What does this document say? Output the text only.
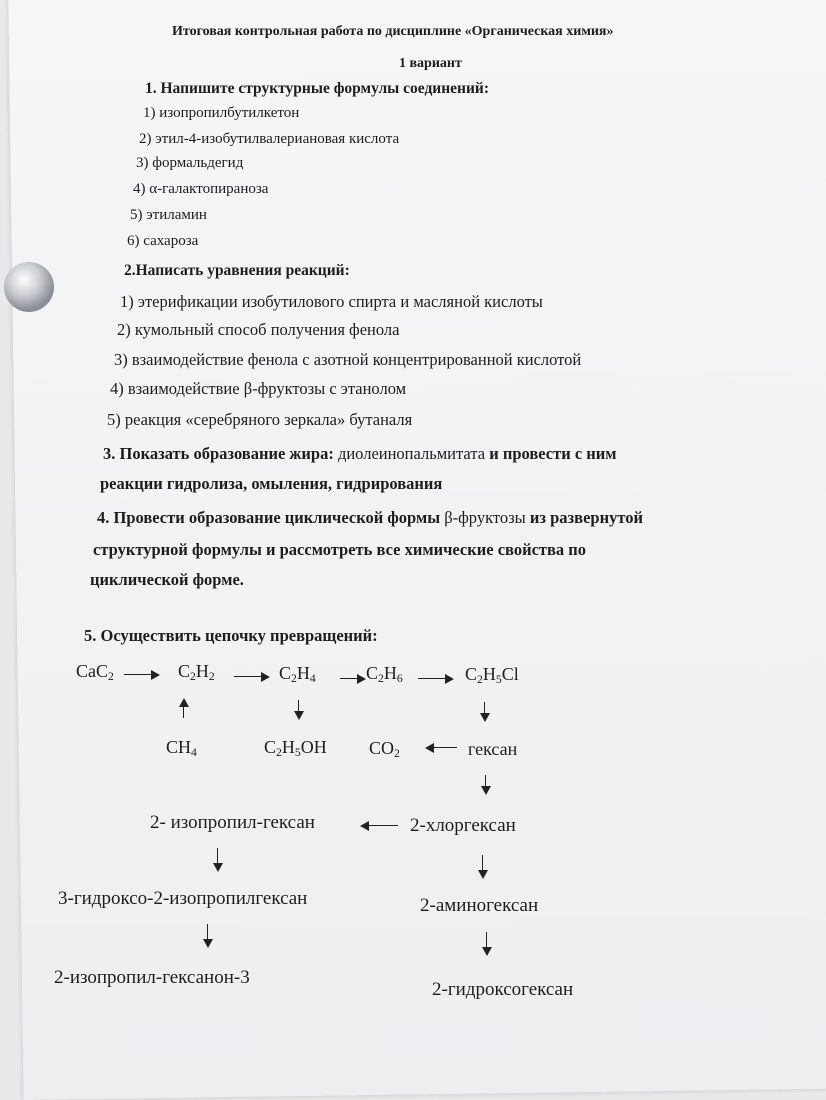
Итоговая контрольная работа по дисциплине «Органическая химия»
1 вариант
1. Напишите структурные формулы соединений:
1) изопропилбутилкетон
2) этил-4-изобутилвалериановая кислота
3) формальдегид
4) α-галактопираноза
5) этиламин
6) сахароза
2.Написать уравнения реакций:
1) этерификации изобутилового спирта и масляной кислоты
2) кумольный способ получения фенола
3) взаимодействие фенола с азотной концентрированной кислотой
4) взаимодействие β-фруктозы с этанолом
5) реакция «серебряного зеркала» бутаналя
3. Показать образование жира: диолеинопальмитата и провести с ним
реакции гидролиза, омыления, гидрирования
4. Провести образование циклической формы β-фруктозы из развернутой
структурной формулы и рассмотреть все химические свойства по
циклической форме.
5. Осуществить цепочку превращений:
CaC$_2$	$C_2H_2$	$C_2H_4$	$C_2H_6$	$C_2H_5Cl$
$CH_4$	$C_2H_5OH$ $CO_2$	гексан
2- изопропил-гексан	2-хлоргексан
3-гидроксо-2-изопропилгексан	2-аминогексан
2-изопропил-гексанон-3
2-гидроксогексан
